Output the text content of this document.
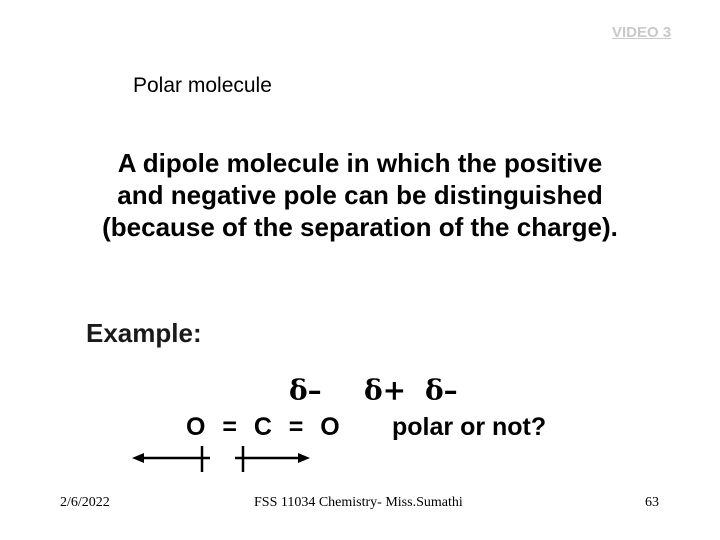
VIDEO 3
Polar molecule
A dipole molecule in which the positive
and negative pole can be distinguished
(because of the separation of the charge).
Example:
δ– δ+ δ–
O  =  C  =  O polar or not?
2/6/2022	FSS 11034 Chemistry- Miss.Sumathi	63
